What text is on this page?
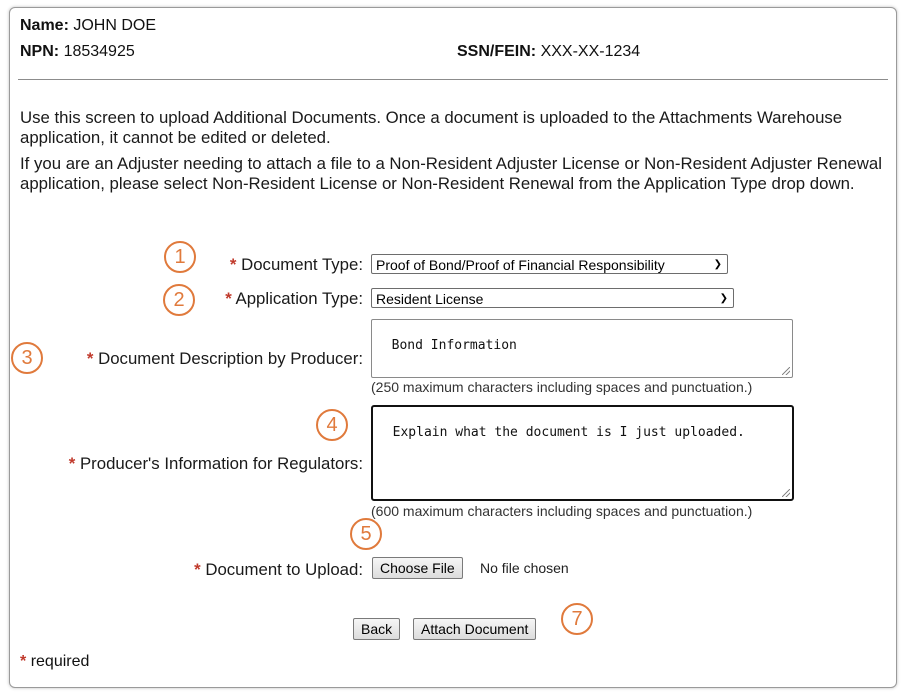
Name: JOHN DOE
NPN: 18534925	SSN/FEIN: XXX-XX-1234
Use this screen to upload Additional Documents. Once a document is uploaded to the Attachments Warehouse application, it cannot be edited or deleted.
If you are an Adjuster needing to attach a file to a Non-Resident Adjuster License or Non-Resident Adjuster Renewal application, please select Non-Resident License or Non-Resident Renewal from the Application Type drop down.
1	* Document Type: Proof of Bond/Proof of Financial Responsibility	❯
2	* Application Type: Resident License	❯
3	* Document Description by Producer:

Bond Information

(250 maximum characters including spaces and punctuation.)
4
* Producer's Information for Regulators:

Explain what the document is I just uploaded.

(600 maximum characters including spaces and punctuation.)
5
* Document to Upload:	Choose File	No file chosen
Back	Attach Document	7
* required
